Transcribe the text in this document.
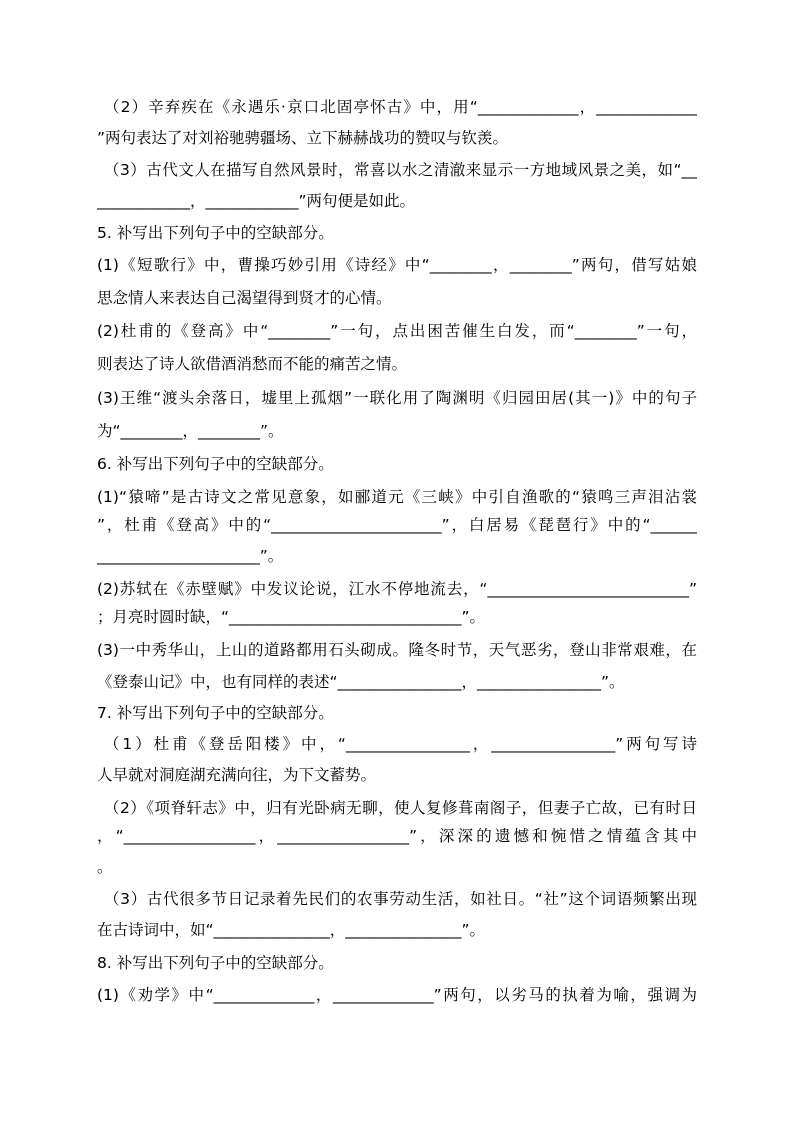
（2）辛弃疾在《永遇乐·京口北固亭怀古》中，用“_____________，_____________
”两句表达了对刘裕驰骋疆场、立下赫赫战功的赞叹与钦羡。
（3）古代文人在描写自然风景时，常喜以水之清澈来显示一方地域风景之美，如“__
____________，____________”两句便是如此。
5. 补写出下列句子中的空缺部分。
(1)《短歌行》中，曹操巧妙引用《诗经》中“________，________”两句，借写姑娘
思念情人来表达自己渴望得到贤才的心情。
(2)杜甫的《登高》中“________”一句，点出困苦催生白发，而“________”一句，
则表达了诗人欲借酒消愁而不能的痛苦之情。
(3)王维“渡头余落日，墟里上孤烟”一联化用了陶渊明《归园田居(其一)》中的句子
为“________，________”。
6. 补写出下列句子中的空缺部分。
(1)“猿啼”是古诗文之常见意象，如郦道元《三峡》中引自渔歌的“猿鸣三声泪沾裳
”，杜甫《登高》中的“______________________”，白居易《琵琶行》中的“______
_____________________”。
(2)苏轼在《赤壁赋》中发议论说，江水不停地流去，“__________________________”
；月亮时圆时缺，“______________________________”。
(3)一中秀华山，上山的道路都用石头砌成。隆冬时节，天气恶劣，登山非常艰难，在
《登泰山记》中，也有同样的表述“________________，________________”。
7. 补写出下列句子中的空缺部分。
（1）杜甫《登岳阳楼》中，“________________，________________”两句写诗
人早就对洞庭湖充满向往，为下文蓄势。
（2）《项脊轩志》中，归有光卧病无聊，使人复修葺南阁子，但妻子亡故，已有时日
，“_________________，_________________”，深深的遗憾和惋惜之情蕴含其中
。
（3）古代很多节日记录着先民们的农事劳动生活，如社日。“社”这个词语频繁出现
在古诗词中，如“_______________，_______________”。
8. 补写出下列句子中的空缺部分。
(1)《劝学》中“_____________，_____________”两句，以劣马的执着为喻，强调为
